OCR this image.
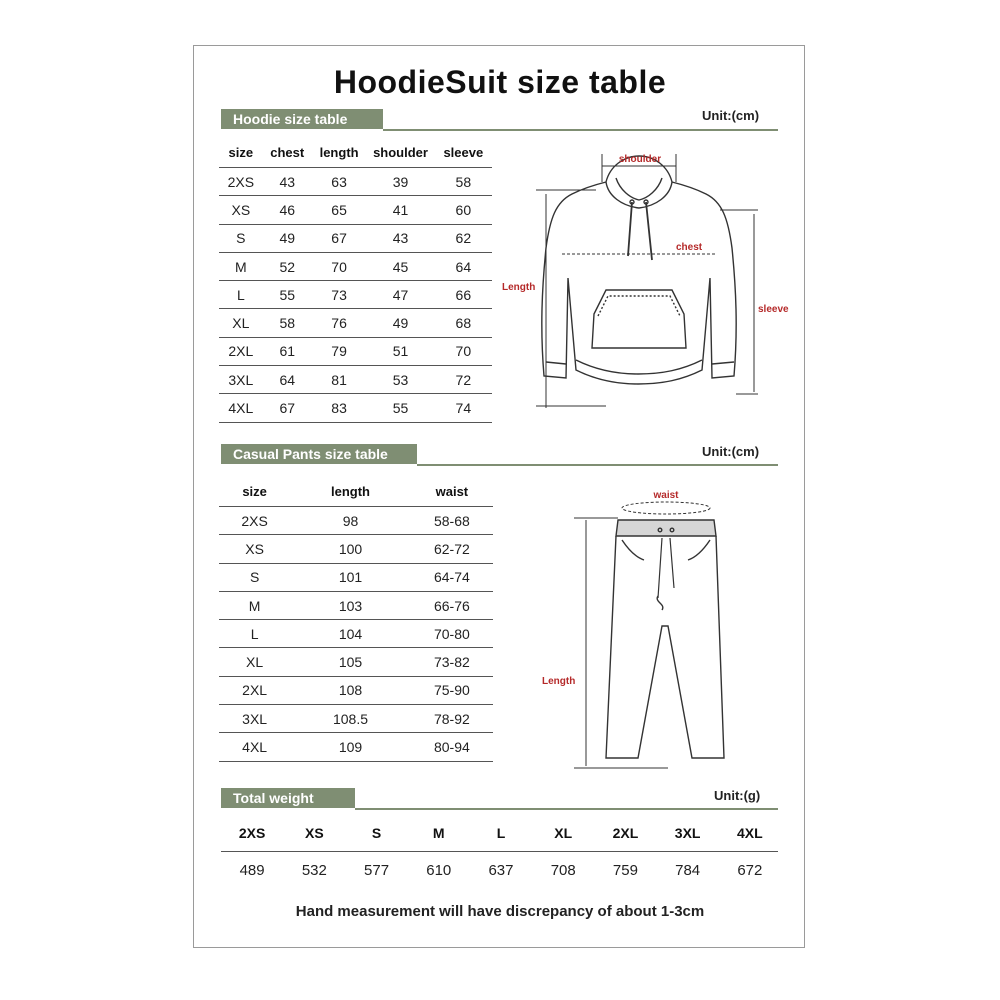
HoodieSuit size table
Hoodie size table	Unit:(cm)
size	chest	length	shoulder	sleeve
2XS	43	63	39	58
XS	46	65	41	60
S	49	67	43	62
M	52	70	45	64
L	55	73	47	66
XL	58	76	49	68
2XL	61	79	51	70
3XL	64	81	53	72
4XL	67	83	55	74
shoulder
chest
Length
sleeve
Casual Pants size table	Unit:(cm)
size	length	waist
2XS	98	58-68
XS	100	62-72
S	101	64-74
M	103	66-76
L	104	70-80
XL	105	73-82
2XL	108	75-90
3XL	108.5	78-92
4XL	109	80-94
waist
Length
Total weight	Unit:(g)
2XS	XS	S	M	L	XL	2XL	3XL	4XL
489	532	577	610	637	708	759	784	672
Hand measurement will have discrepancy of about 1-3cm
